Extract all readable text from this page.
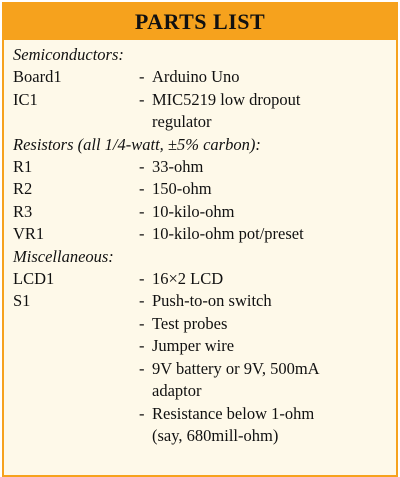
PARTS LIST
Semiconductors:
Board1	- Arduino Uno
IC1	- MIC5219 low dropout
regulator
Resistors (all 1/4-watt, ±5% carbon):
R1	- 33-ohm
R2	- 150-ohm
R3	- 10-kilo-ohm
VR1	- 10-kilo-ohm pot/preset
Miscellaneous:
LCD1	- 16×2 LCD
S1	- Push-to-on switch
- Test probes
- Jumper wire
- 9V battery or 9V, 500mA
adaptor
- Resistance below 1-ohm
(say, 680mill-ohm)
